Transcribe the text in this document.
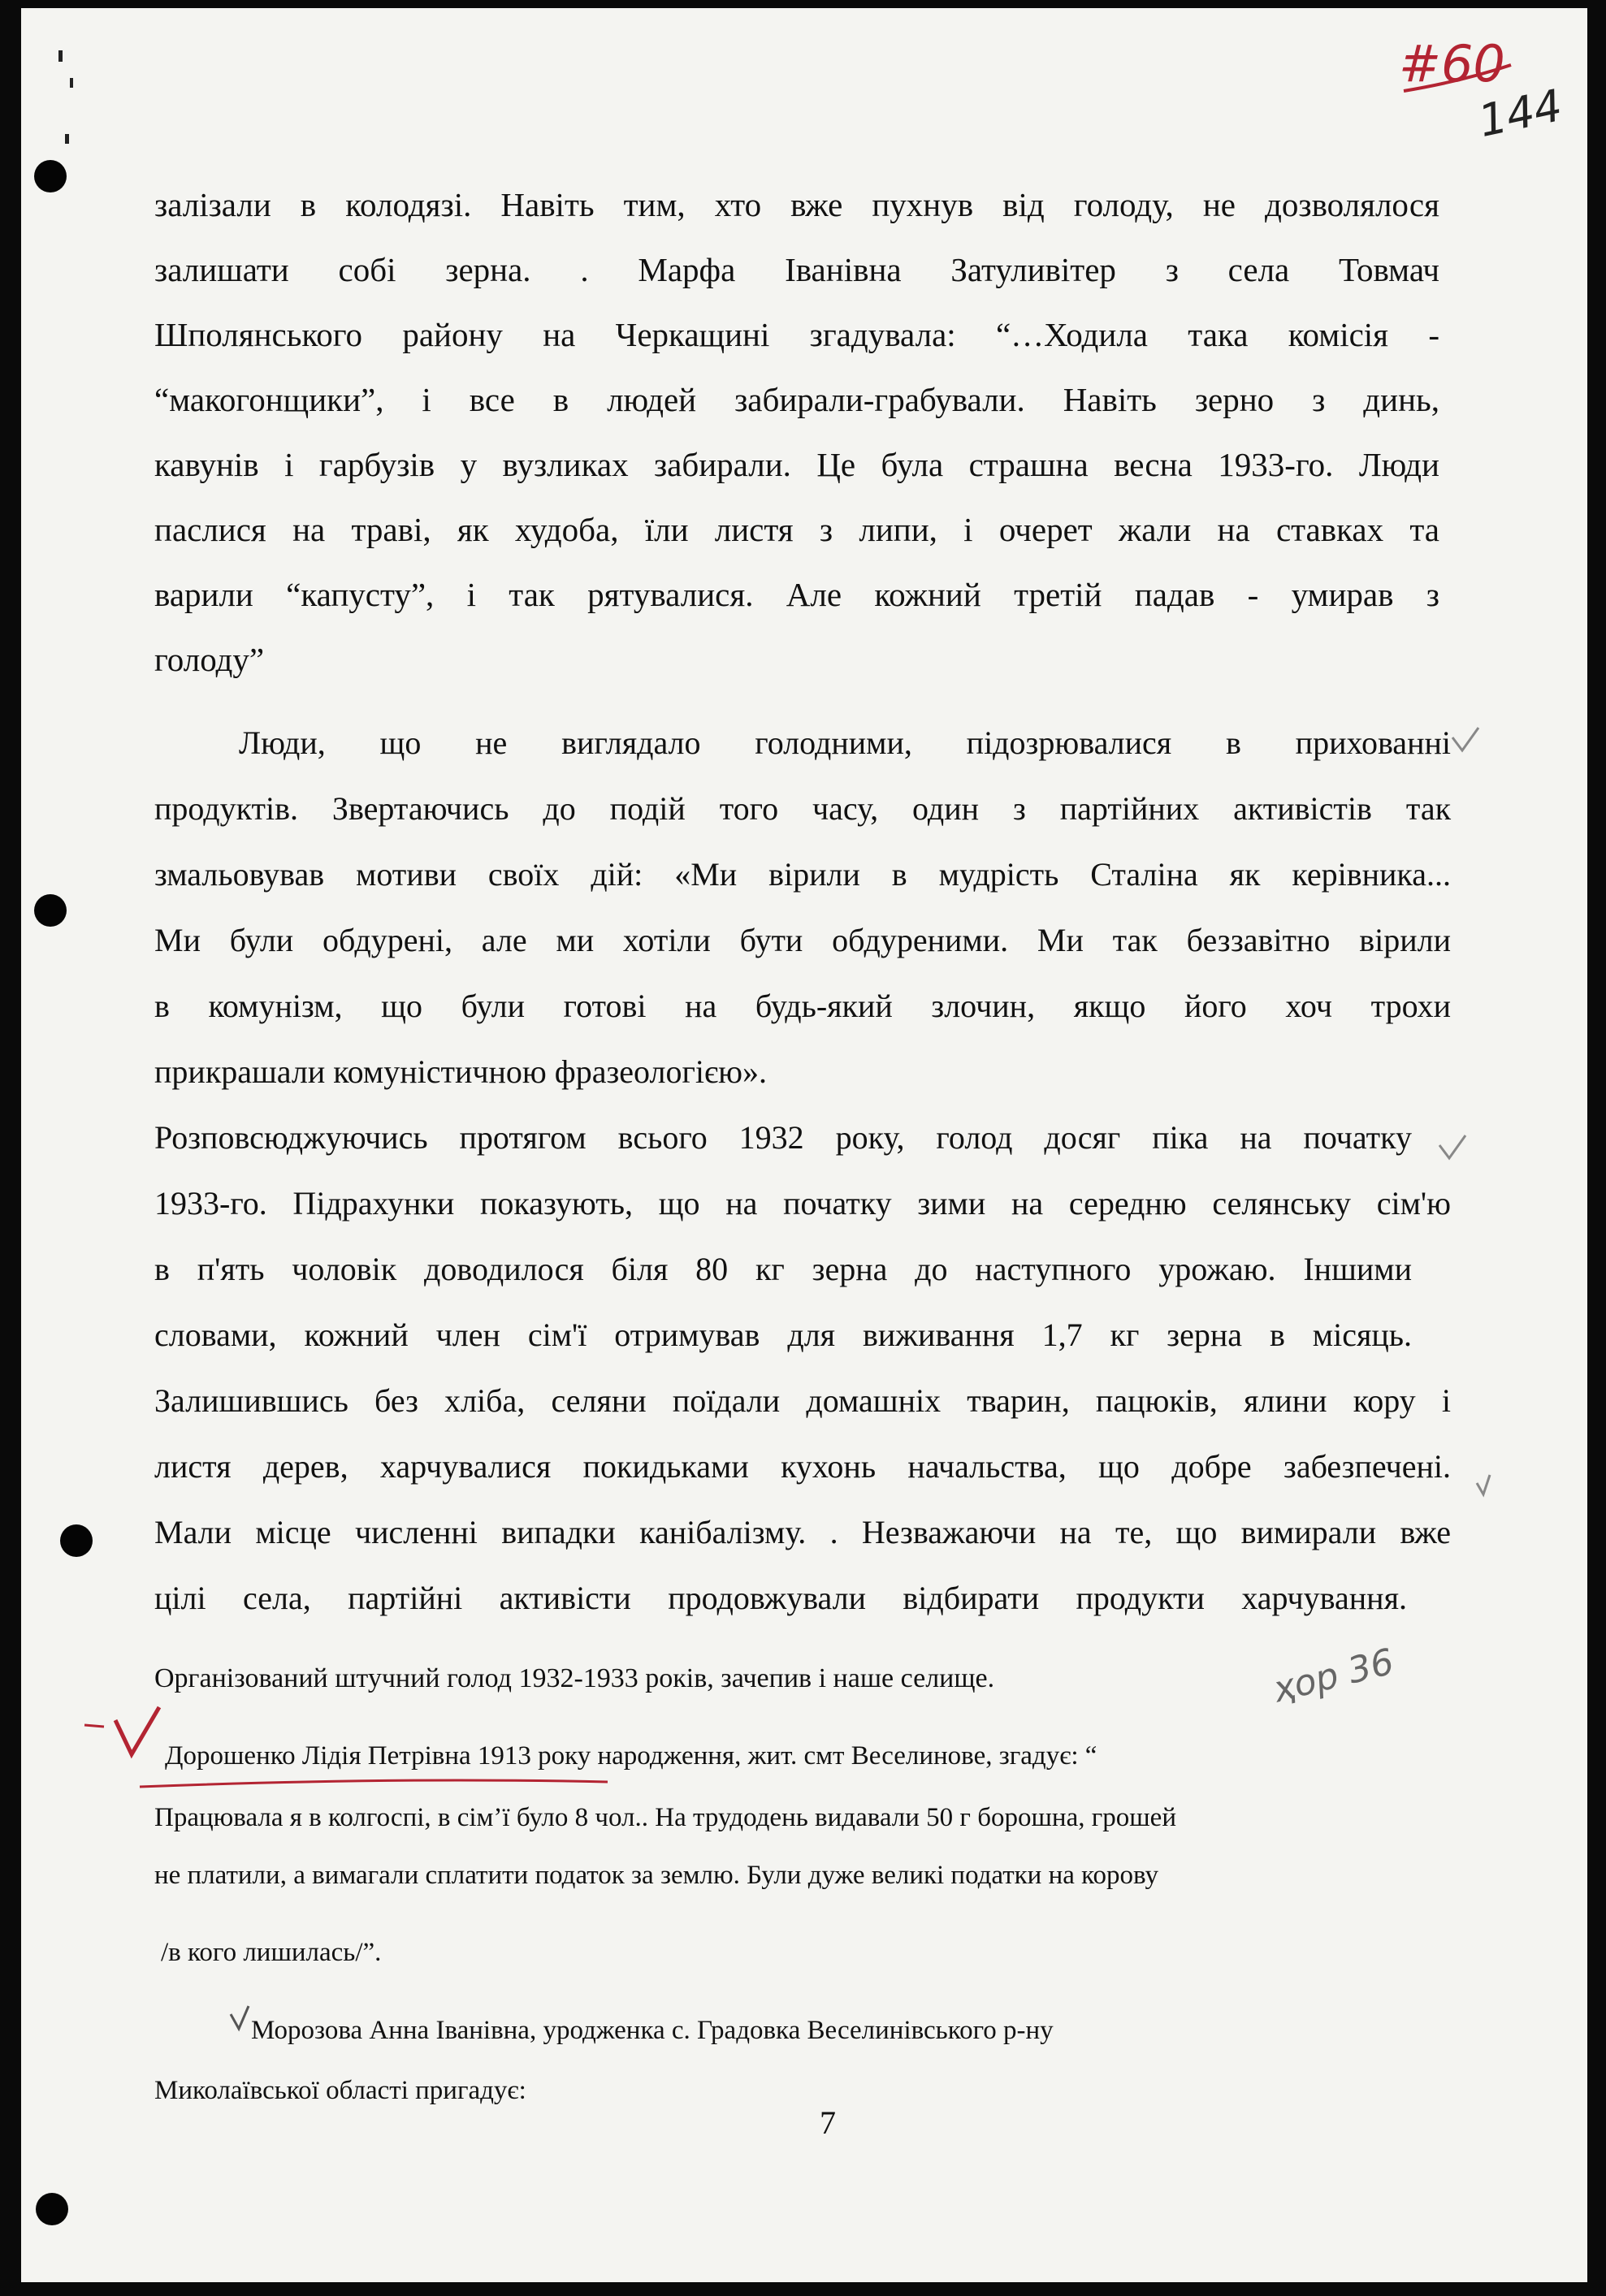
#60
144
залізали в колодязі. Навіть тим, хто вже пухнув від голоду, не дозволялося
залишати собі зерна. . Марфа Іванівна Затуливітер з села Товмач
Шполянського району на Черкащині згадувала: “…Ходила така комісія -
“макогонщики”, і все в людей забирали-грабували. Навіть зерно з динь,
кавунів і гарбузів у вузликах забирали. Це була страшна весна 1933-го. Люди
паслися на траві, як худоба, їли листя з липи, і очерет жали на ставках та
варили “капусту”, і так рятувалися. Але кожний третій падав - умирав з
голоду”
Люди, що не виглядало голодними, підозрювалися в прихованні
продуктів. Звертаючись до подій того часу, один з партійних активістів так
змальовував мотиви своїх дій: «Ми вірили в мудрість Сталіна як керівника...
Ми були обдурені, але ми хотіли бути обдуреними. Ми так беззавітно вірили
в комунізм, що були готові на будь-який злочин, якщо його хоч трохи
прикрашали комуністичною фразеологією».
Розповсюджуючись протягом всього 1932 року, голод досяг піка на початку
1933-го. Підрахунки показують, що на початку зими на середню селянську сім'ю
в п'ять чоловік доводилося біля 80 кг зерна до наступного урожаю. Іншими
словами, кожний член сім'ї отримував для виживання 1,7 кг зерна в місяць.
Залишившись без хліба, селяни поїдали домашніх тварин, пацюків, ялини кору і
листя дерев, харчувалися покидьками кухонь начальства, що добре забезпечені.
Мали місце численні випадки канібалізму. . Незважаючи на те, що вимирали вже
цілі села, партійні активісти продовжували відбирати продукти харчування.
Організований штучний голод 1932-1933 років, зачепив і наше селище.
Дорошенко Лідія Петрівна 1913 року народження, жит. смт Веселинове, згадує: “
Працювала я в колгоспі, в сім’ї було 8 чол.. На трудодень видавали 50 г борошна, грошей
не платили, а вимагали сплатити податок за землю. Були дуже великі податки на корову
/в кого лишилась/”.
Морозова Анна Іванівна, уродженка с. Градовка Веселинівського р-ну
Миколаївської області пригадує:
7
ҳор 36
